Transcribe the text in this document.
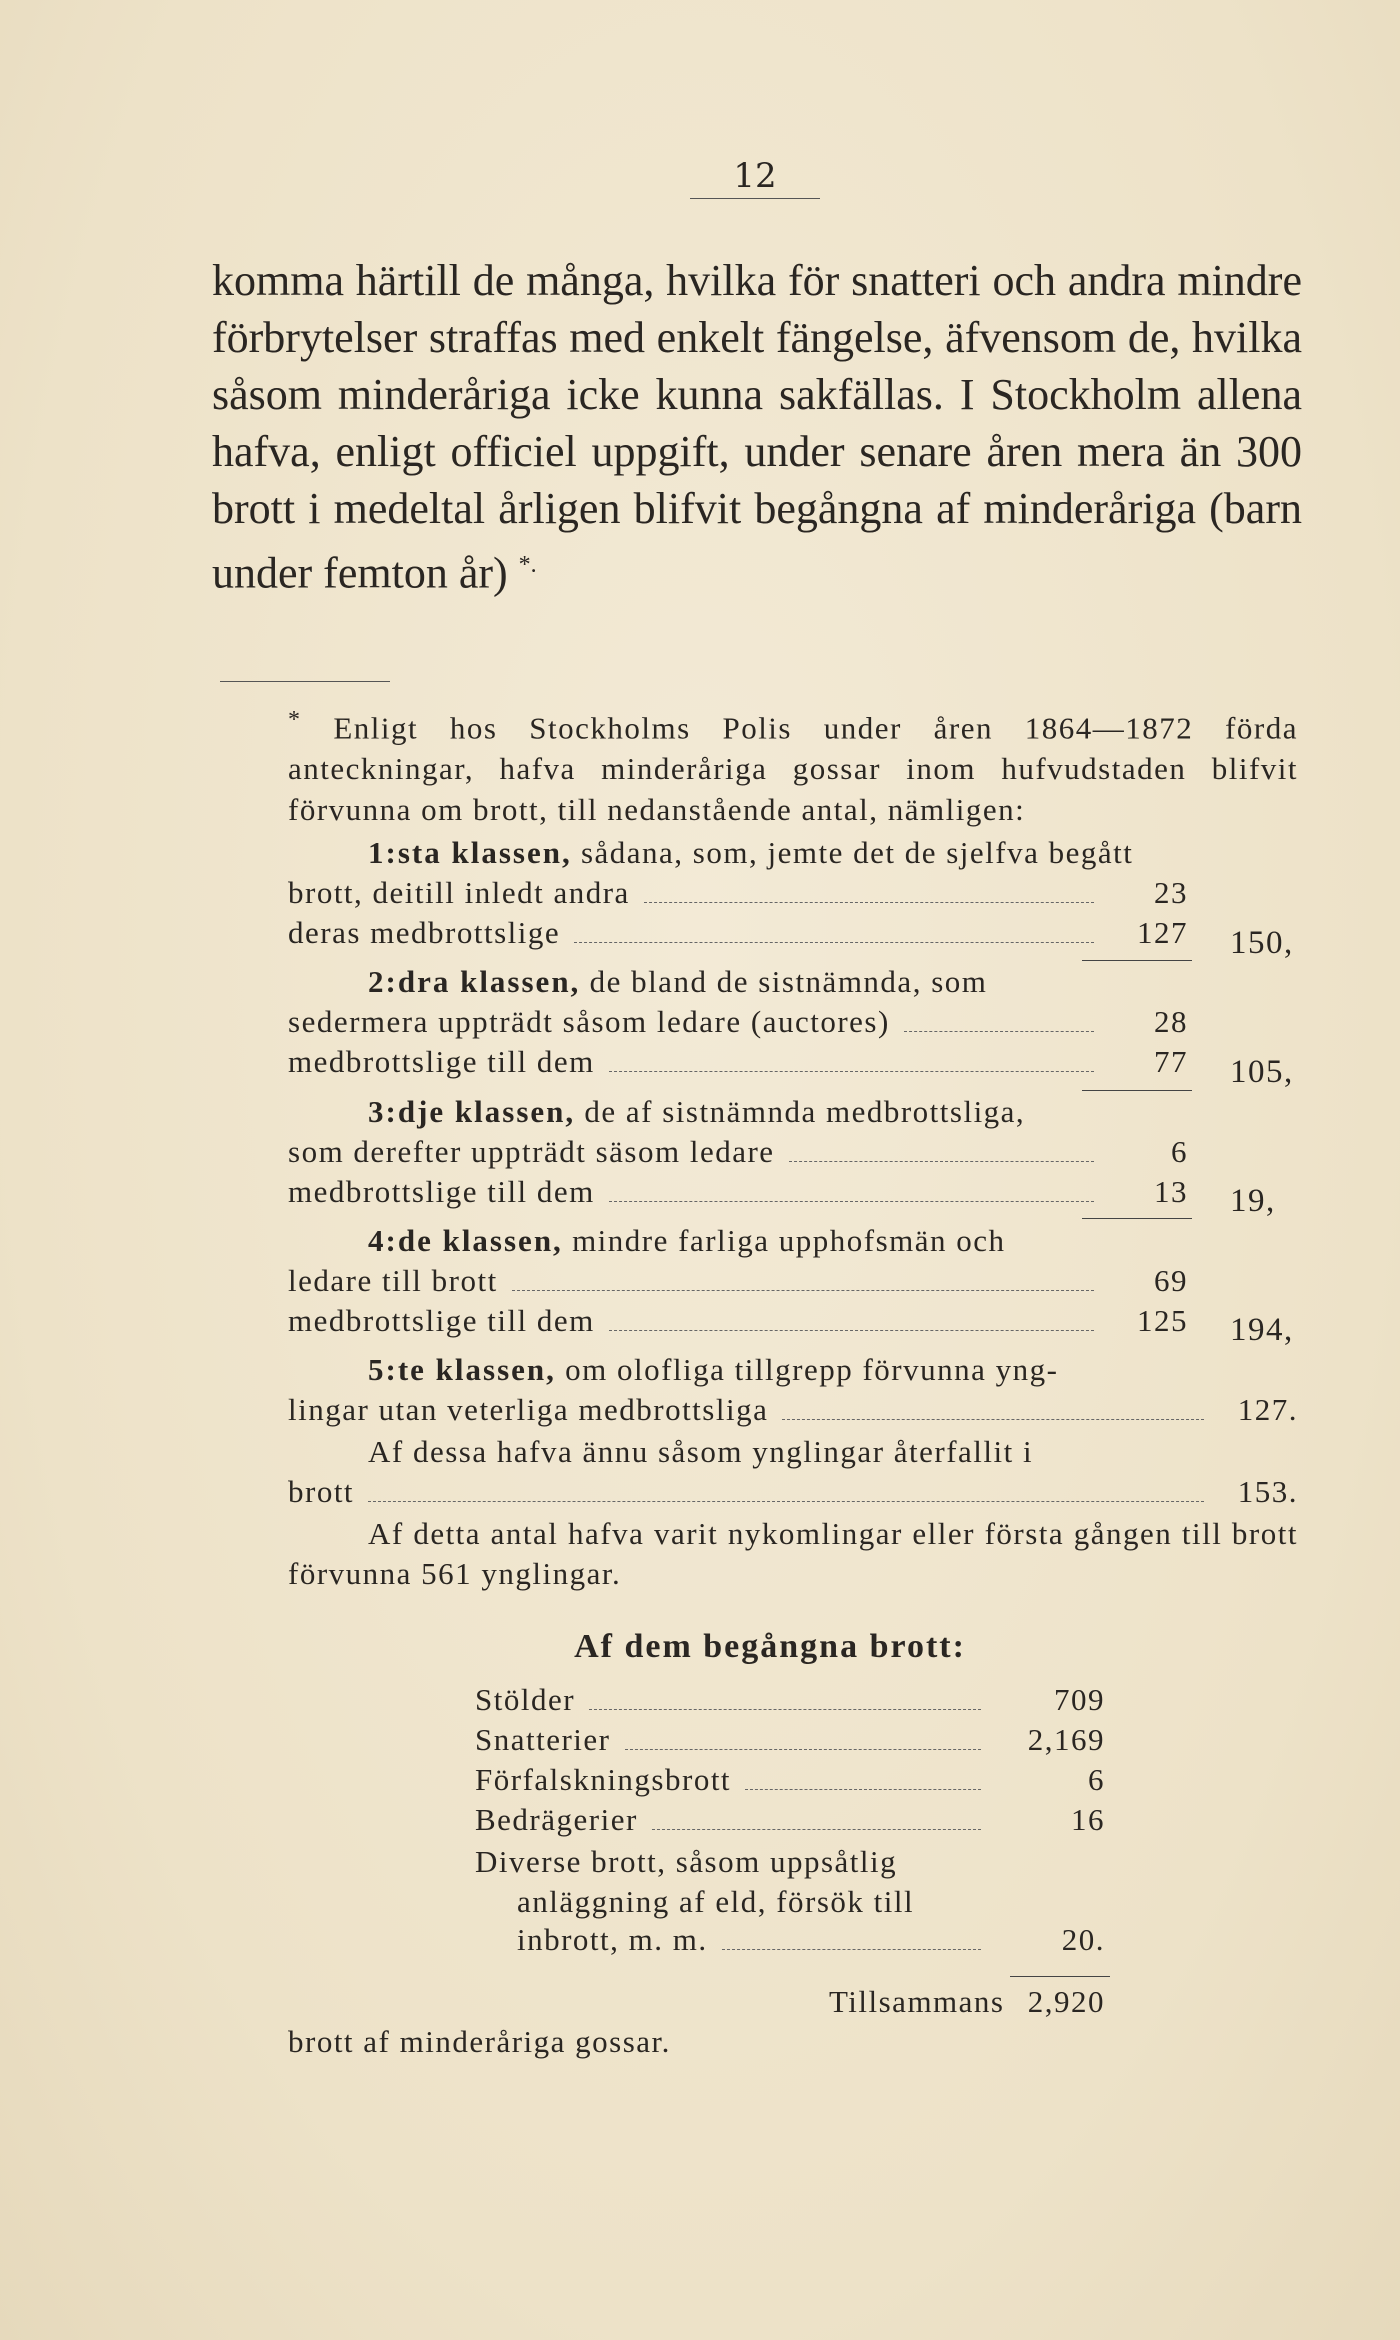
12
komma härtill de många, hvilka för snatteri och andra mindre förbrytelser straffas med enkelt fängelse, äfvensom de, hvilka såsom minderåriga icke kunna sakfällas. I Stockholm allena hafva, enligt officiel uppgift, under senare åren mera än 300 brott i medeltal årligen blifvit begångna af minderåriga (barn under femton år) *.
* Enligt hos Stockholms Polis under åren 1864—1872 förda anteckningar, hafva minderåriga gossar inom hufvudstaden blifvit förvunna om brott, till nedanstående antal, nämligen:
1:sta klassen, sådana, som, jemte det de sjelfva begått
brott, deitill inledt andra	23
deras medbrottslige	127 150,
2:dra klassen, de bland de sistnämnda, som
sedermera uppträdt såsom ledare (auctores)	28
medbrottslige till dem	77 105,
3:dje klassen, de af sistnämnda medbrottsliga,
som derefter uppträdt säsom ledare	6
medbrottslige till dem	13 19,
4:de klassen, mindre farliga upphofsmän och
ledare till brott	69
medbrottslige till dem	125 194,
5:te klassen, om olofliga tillgrepp förvunna yng-
lingar utan veterliga medbrottsliga	127.
Af dessa hafva ännu såsom ynglingar återfallit i
brott	153.
Af detta antal hafva varit nykomlingar eller första gången till brott förvunna 561 ynglingar.
Af dem begångna brott:
Stölder	709
Snatterier	2,169
Förfalskningsbrott	6
Bedrägerier	16
Diverse brott, såsom uppsåtlig
anläggning af eld, försök till
inbrott, m. m.	20.
Tillsammans 2,920
brott af minderåriga gossar.
